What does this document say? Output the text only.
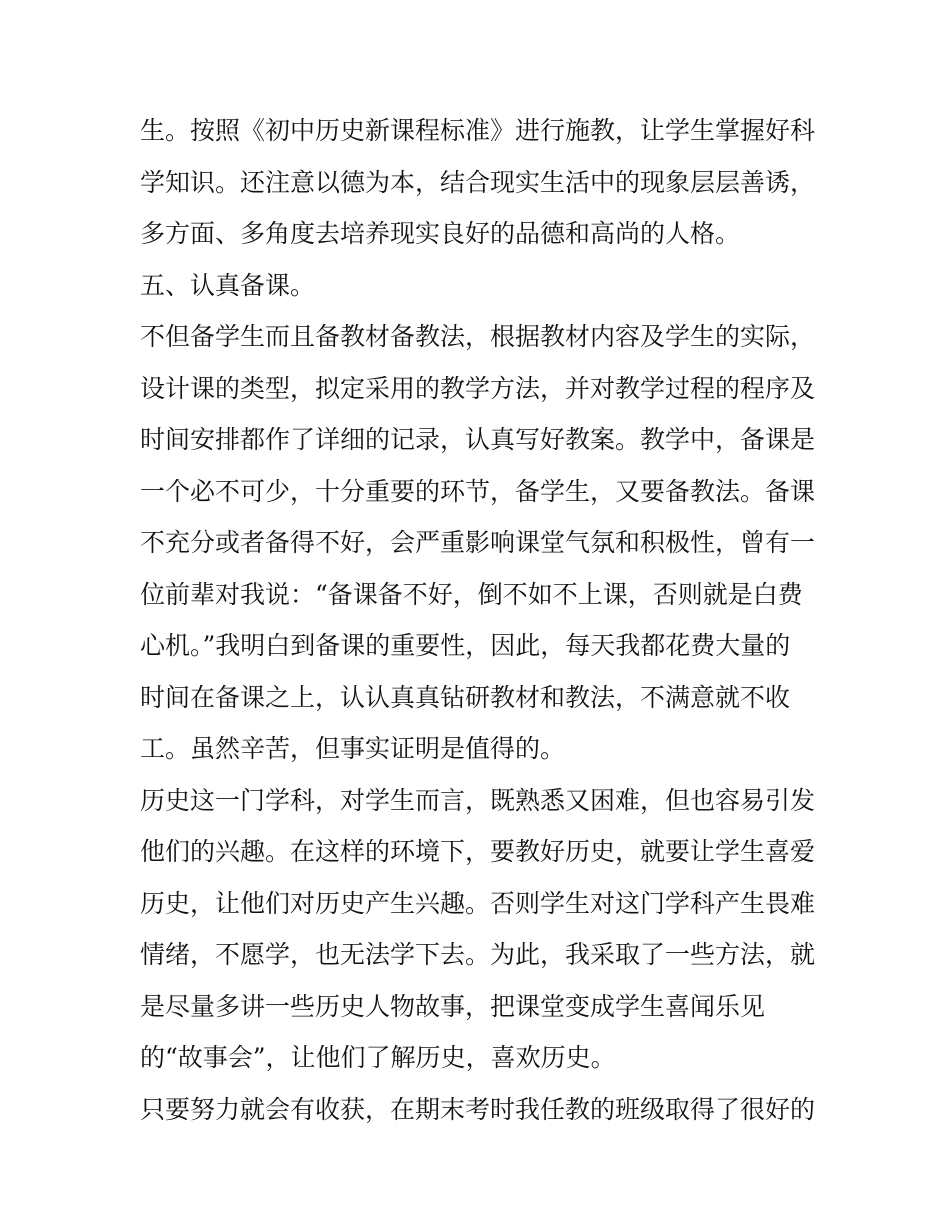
生。按照《初中历史新课程标准》进行施教，让学生掌握好科
学知识。还注意以德为本，结合现实生活中的现象层层善诱，
多方面、多角度去培养现实良好的品德和高尚的人格。
五、认真备课。
不但备学生而且备教材备教法，根据教材内容及学生的实际，
设计课的类型，拟定采用的教学方法，并对教学过程的程序及
时间安排都作了详细的记录，认真写好教案。教学中，备课是
一个必不可少，十分重要的环节，备学生，又要备教法。备课
不充分或者备得不好，会严重影响课堂气氛和积极性，曾有一
位前辈对我说：“备课备不好，倒不如不上课，否则就是白费
心机。”我明白到备课的重要性，因此，每天我都花费大量的
时间在备课之上，认认真真钻研教材和教法，不满意就不收
工。虽然辛苦，但事实证明是值得的。
历史这一门学科，对学生而言，既熟悉又困难，但也容易引发
他们的兴趣。在这样的环境下，要教好历史，就要让学生喜爱
历史，让他们对历史产生兴趣。否则学生对这门学科产生畏难
情绪，不愿学，也无法学下去。为此，我采取了一些方法，就
是尽量多讲一些历史人物故事，把课堂变成学生喜闻乐见
的“故事会”，让他们了解历史，喜欢历史。
只要努力就会有收获，在期末考时我任教的班级取得了很好的
